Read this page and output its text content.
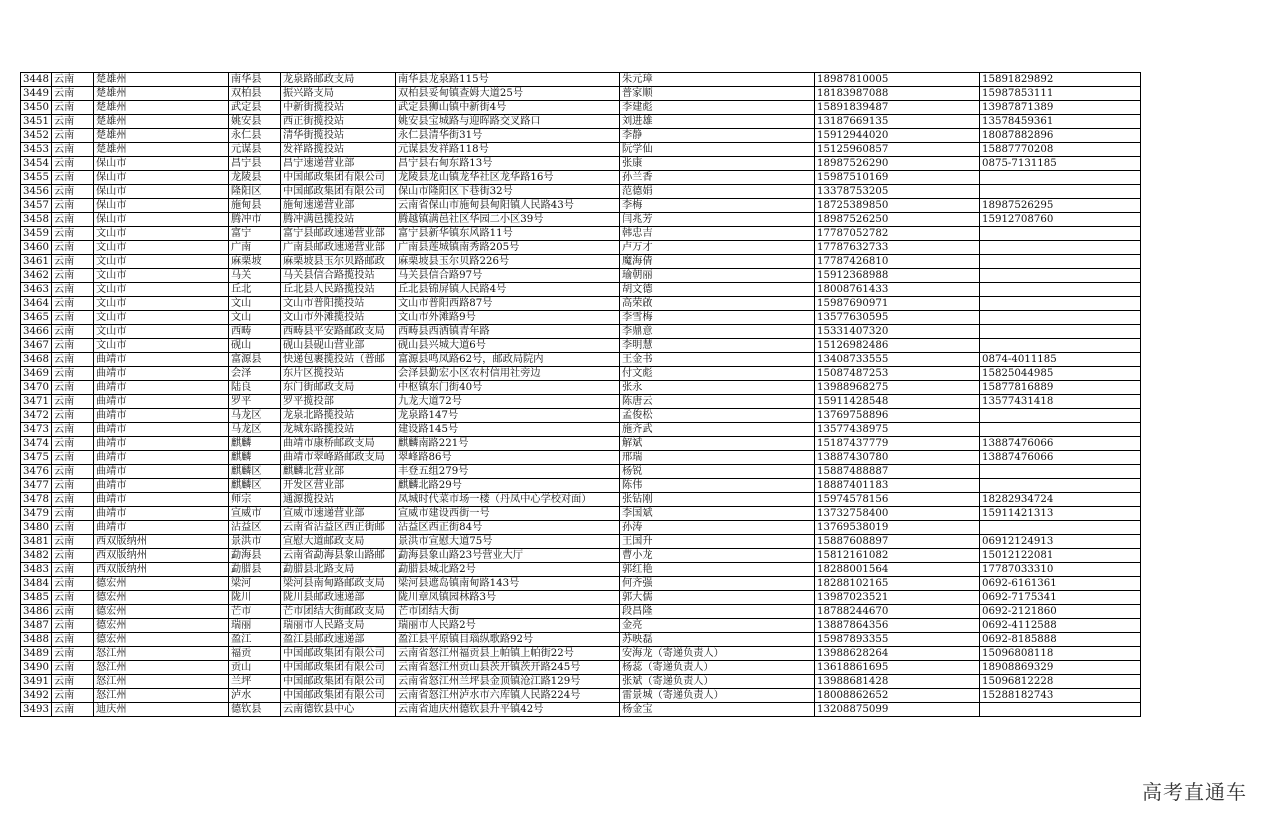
3448	云南	楚雄州	南华县	龙泉路邮政支局	南华县龙泉路115号	朱元璋	18987810005	15891829892
3449	云南	楚雄州	双柏县	振兴路支局	双柏县妥甸镇查姆大道25号	普家顺	18183987088	15987853111
3450	云南	楚雄州	武定县	中新街揽投站	武定县狮山镇中新街4号	李建彪	15891839487	13987871389
3451	云南	楚雄州	姚安县	西正街揽投站	姚安县宝城路与迎晖路交叉路口	刘进雄	13187669135	13578459361
3452	云南	楚雄州	永仁县	清华街揽投站	永仁县清华街31号	李静	15912944020	18087882896
3453	云南	楚雄州	元谋县	发祥路揽投站	元谋县发祥路118号	阮学仙	15125960857	15887770208
3454	云南	保山市	昌宁县	昌宁速递营业部	昌宁县右甸东路13号	张康	18987526290	0875-7131185
3455	云南	保山市	龙陵县	中国邮政集团有限公司	龙陵县龙山镇龙华社区龙华路16号	孙兰香	15987510169	
3456	云南	保山市	隆阳区	中国邮政集团有限公司	保山市隆阳区下巷街32号	范德娟	13378753205	
3457	云南	保山市	施甸县	施甸速递营业部	云南省保山市施甸县甸阳镇人民路43号	李梅	18725389850	18987526295
3458	云南	保山市	腾冲市	腾冲满邑揽投站	腾越镇满邑社区华园二小区39号	闫兆芳	18987526250	15912708760
3459	云南	文山市	富宁	富宁县邮政速递营业部	富宁县新华镇东风路11号	韩忠吉	17787052782	
3460	云南	文山市	广南	广南县邮政速递营业部	广南县莲城镇南秀路205号	卢万才	17787632733	
3461	云南	文山市	麻栗坡	麻栗坡县玉尔贝路邮政	麻栗坡县玉尔贝路226号	魔海倩	17787426810	
3462	云南	文山市	马关	马关县信合路揽投站	马关县信合路97号	瑜朝丽	15912368988	
3463	云南	文山市	丘北	丘北县人民路揽投站	丘北县锦屏镇人民路4号	胡文德	18008761433	
3464	云南	文山市	文山	文山市普阳揽投站	文山市普阳西路87号	高荣啟	15987690971	
3465	云南	文山市	文山	文山市外滩揽投站	文山市外滩路9号	李雪梅	13577630595	
3466	云南	文山市	西畴	西畴县平安路邮政支局	西畴县西洒镇青年路	李鼎意	15331407320	
3467	云南	文山市	砚山	砚山县砚山营业部	砚山县兴城大道6号	李明慧	15126982486	
3468	云南	曲靖市	富源县	快递包裹揽投站（普邮	富源县鸣凤路62号，邮政局院内	王金书	13408733555	0874-4011185
3469	云南	曲靖市	会泽	东片区揽投站	会泽县勤宏小区农村信用社旁边	付文彪	15087487253	15825044985
3470	云南	曲靖市	陆良	东门街邮政支局	中枢镇东门街40号	张永	13988968275	15877816889
3471	云南	曲靖市	罗平	罗平揽投部	九龙大道72号	陈唐云	15911428548	13577431418
3472	云南	曲靖市	马龙区	龙泉北路揽投站	龙泉路147号	孟俊松	13769758896	
3473	云南	曲靖市	马龙区	龙城东路揽投站	建设路145号	施齐武	13577438975	
3474	云南	曲靖市	麒麟	曲靖市康桥邮政支局	麒麟南路221号	解斌	15187437779	13887476066
3475	云南	曲靖市	麒麟	曲靖市翠峰路邮政支局	翠峰路86号	邢瑞	13887430780	13887476066
3476	云南	曲靖市	麒麟区	麒麟北营业部	丰登五组279号	杨锐	15887488887	
3477	云南	曲靖市	麒麟区	开发区营业部	麒麟北路29号	陈伟	18887401183	
3478	云南	曲靖市	师宗	通源揽投站	凤城时代菜市场一楼（丹凤中心学校对面）	张钻刚	15974578156	18282934724
3479	云南	曲靖市	宣威市	宣威市速递营业部	宣威市建设西街一号	李国斌	13732758400	15911421313
3480	云南	曲靖市	沾益区	云南省沾益区西正街邮	沾益区西正街84号	孙涛	13769538019	
3481	云南	西双版纳州	景洪市	宣慰大道邮政支局	景洪市宣慰大道75号	王国升	15887608897	06912124913
3482	云南	西双版纳州	勐海县	云南省勐海县象山路邮	勐海县象山路23号营业大厅	曹小龙	15812161082	15012122081
3483	云南	西双版纳州	勐腊县	勐腊县北路支局	勐腊县城北路2号	郭红艳	18288001564	17787033310
3484	云南	德宏州	梁河	梁河县南甸路邮政支局	梁河县遮岛镇南甸路143号	何齐强	18288102165	0692-6161361
3485	云南	德宏州	陇川	陇川县邮政速递部	陇川章凤镇园林路3号	郭大儒	13987023521	0692-7175341
3486	云南	德宏州	芒市	芒市团结大街邮政支局	芒市团结大街	段昌隆	18788244670	0692-2121860
3487	云南	德宏州	瑞丽	瑞丽市人民路支局	瑞丽市人民路2号	金亮	13887864356	0692-4112588
3488	云南	德宏州	盈江	盈江县邮政速递部	盈江县平原镇目瑙纵歌路92号	苏映磊	15987893355	0692-8185888
3489	云南	怒江州	福贡	中国邮政集团有限公司	云南省怒江州福贡县上帕镇上帕街22号	安海龙（寄递负责人）	13988628264	15096808118
3490	云南	怒江州	贡山	中国邮政集团有限公司	云南省怒江州贡山县茨开镇茨开路245号	杨蕊（寄递负责人）	13618861695	18908869329
3491	云南	怒江州	兰坪	中国邮政集团有限公司	云南省怒江州兰坪县金顶镇沧江路129号	张斌（寄递负责人）	13988681428	15096812228
3492	云南	怒江州	泸水	中国邮政集团有限公司	云南省怒江州泸水市六库镇人民路224号	雷景城（寄递负责人）	18008862652	15288182743
3493	云南	迪庆州	德钦县	云南德钦县中心	云南省迪庆州德钦县升平镇42号	杨金宝	13208875099	
高考直通车
